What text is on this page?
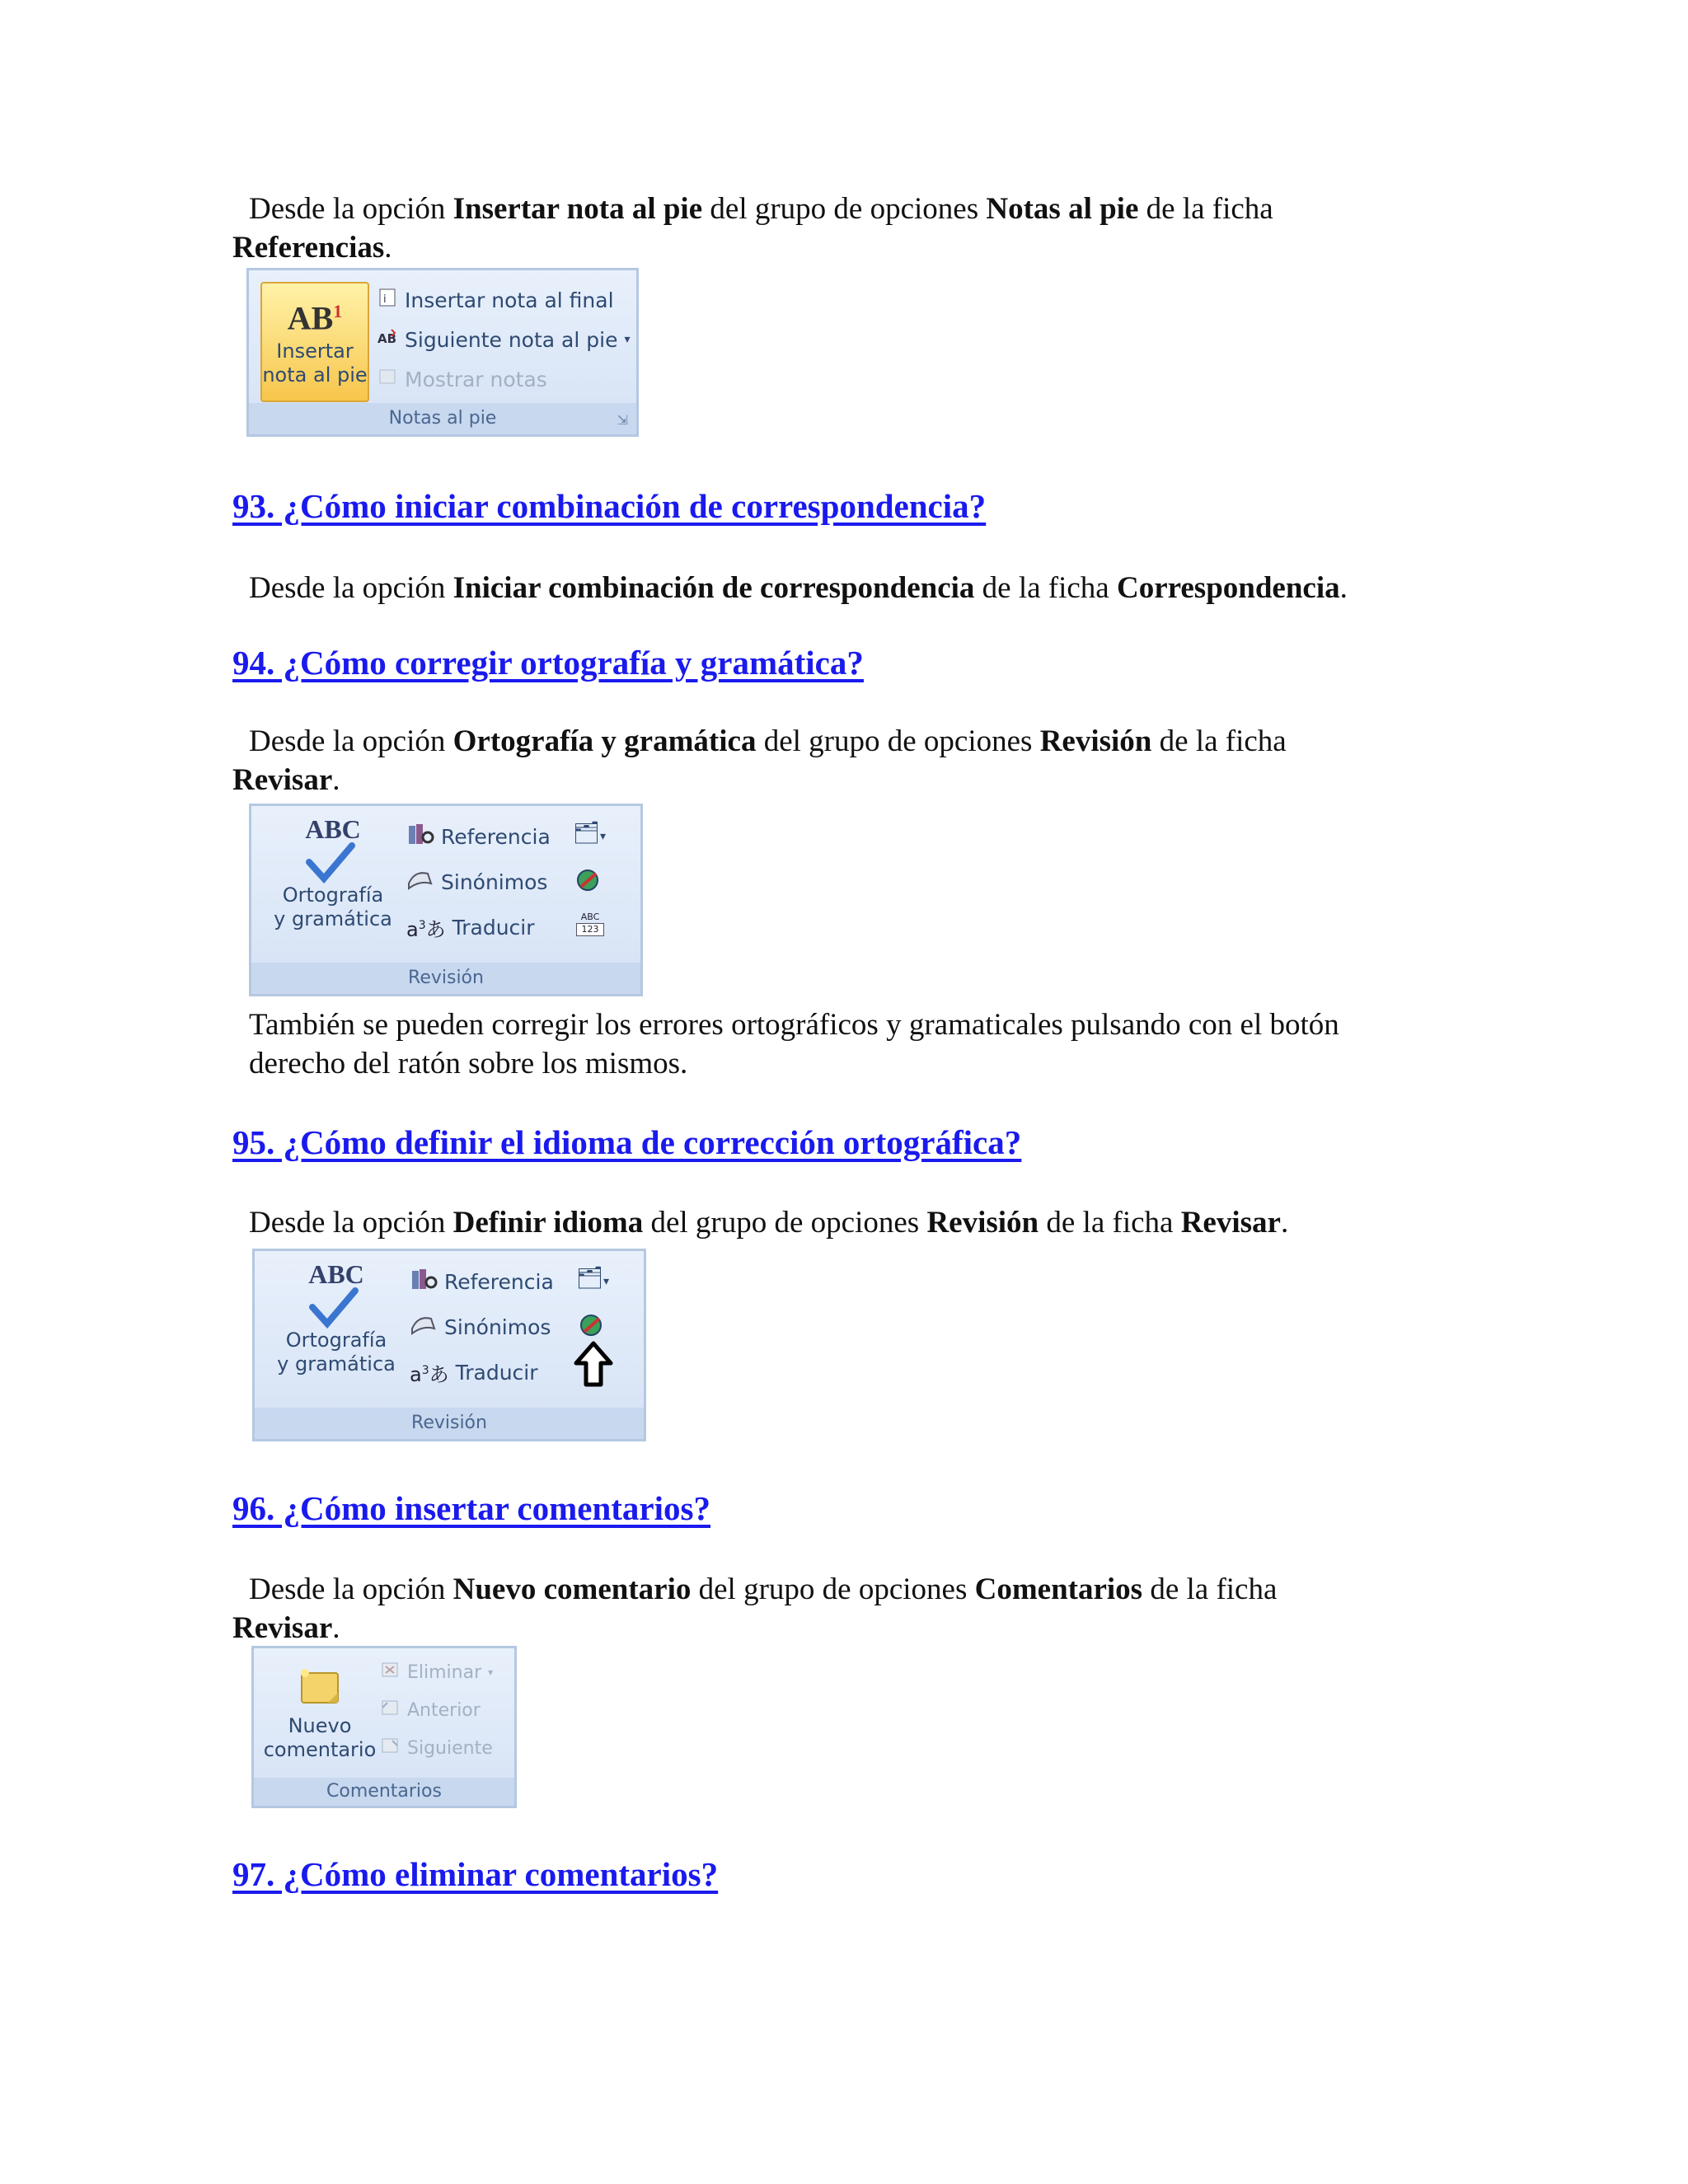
Desde la opción Insertar nota al pie del grupo de opciones Notas al pie de la ficha
Referencias.
$AB^1$
Insertar
nota al pie
i Insertar nota al final
AB Siguiente nota al pie ▾
Mostrar notas
Notas al pie	⇲
93. ¿Cómo iniciar combinación de correspondencia?
Desde la opción Iniciar combinación de correspondencia de la ficha Correspondencia.
94. ¿Cómo corregir ortografía y gramática?
Desde la opción Ortografía y gramática del grupo de opciones Revisión de la ficha
Revisar.
ABC
Ortografía
y gramática
Referencia
Sinónimos
$a^3$あ Traducir
🗂▾
ABC
123
Revisión
También se pueden corregir los errores ortográficos y gramaticales pulsando con el botón derecho del ratón sobre los mismos.
95. ¿Cómo definir el idioma de corrección ortográfica?
Desde la opción Definir idioma del grupo de opciones Revisión de la ficha Revisar.
ABC
Ortografía
y gramática
Referencia
Sinónimos
$a^3$あ Traducir
🗂▾
Revisión
96. ¿Cómo insertar comentarios?
Desde la opción Nuevo comentario del grupo de opciones Comentarios de la ficha
Revisar.
Nuevo
comentario
Eliminar ▾
Anterior
Siguiente
Comentarios
97. ¿Cómo eliminar comentarios?
